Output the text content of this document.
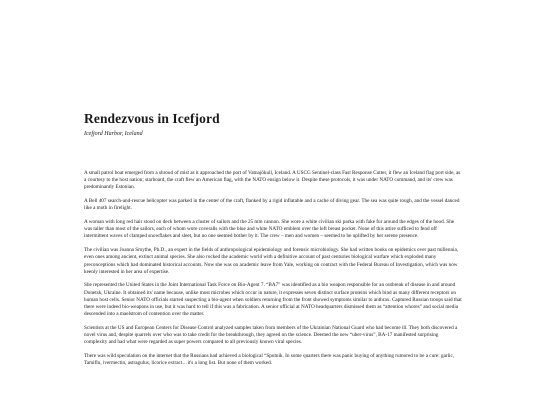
Rendezvous in Icefjord
Icefjord Harbor, Iceland

A small patrol boat emerged from a shroud of mist as it approached the port of Vatnajökull, Iceland. A USCG Sentinel-class Fast Response Cutter, it flew an Iceland flag port side, as a courtesy to the host nation; starboard, the craft flew an American flag, with the NATO ensign below it. Despite these protocols, it was under NATO command, and its' crew was predominantly Estonian.

A Bell 407 search-and-rescue helicopter was parked in the center of the craft, flanked by a rigid inflatable and a cache of diving gear. The sea was quite rough, and the vessel danced like a moth in firelight.

A woman with long red hair stood on deck between a cluster of sailors and the 25 mm cannon. She wore a white civilian ski parka with fake fur around the edges of the hood. She was taller than most of the sailors, each of whom wore coveralls with the blue and white NATO emblem over the left breast pocket. None of this attire sufficed to fend off intermittent waves of clamped snowflakes and sleet, but no one seemed bother by it. The crew – men and women – seemed to be uplifted by her serene presence.

The civilian was Joanna Smythe, Ph.D., an expert in the fields of anthropological epidemiology and forensic microbiology. She had written books on epidemics over past millennia, even ones among ancient, extinct animal species. She also rocked the academic world with a definitive account of past centuries biological warfare which exploded many preconceptions which had dominated historical accounts. Now she was on academic leave from Yale, working on contract with the Federal Bureau of Investigation, which was now keenly interested in her area of expertise.

She represented the United States in the Joint International Task Force on Bio-Agent 7. “BA7” was identified as a bio weapon responsible for an outbreak of disease in and around Donetsk, Ukraine. It obtained its' name because, unlike most microbes which occur in nature, it expresses seven distinct surface proteins which bind as many different receptors on human host cells. Senior NATO officials started suspecting a bio-agent when soldiers returning from the front showed symptoms similar to anthrax. Captured Russian troops said that there were indeed bio-weapons in use, but it was hard to tell if this was a fabrication. A senior official at NATO headquarters dismissed them as “attention whores” and social media descended into a maelstrom of contention over the matter.

Scientists at the US and European Centers for Disease Control analyzed samples taken from members of the Ukrainian National Guard who had become ill. They both discovered a novel virus and, despite quarrels over who was to take credit for the breakthrough, they agreed on the science. Deemed the new “uber-virus”, BA-17 manifested surprising complexity and had what were regarded as super powers compared to all previously known viral species.

There was wild speculation on the internet that the Russians had achieved a biological “Sputnik. In some quarters there was panic buying of anything rumored to be a cure: garlic, Tamiflu, ivermectin, astragulus, licorice extract…it's a long list. But none of them worked.
